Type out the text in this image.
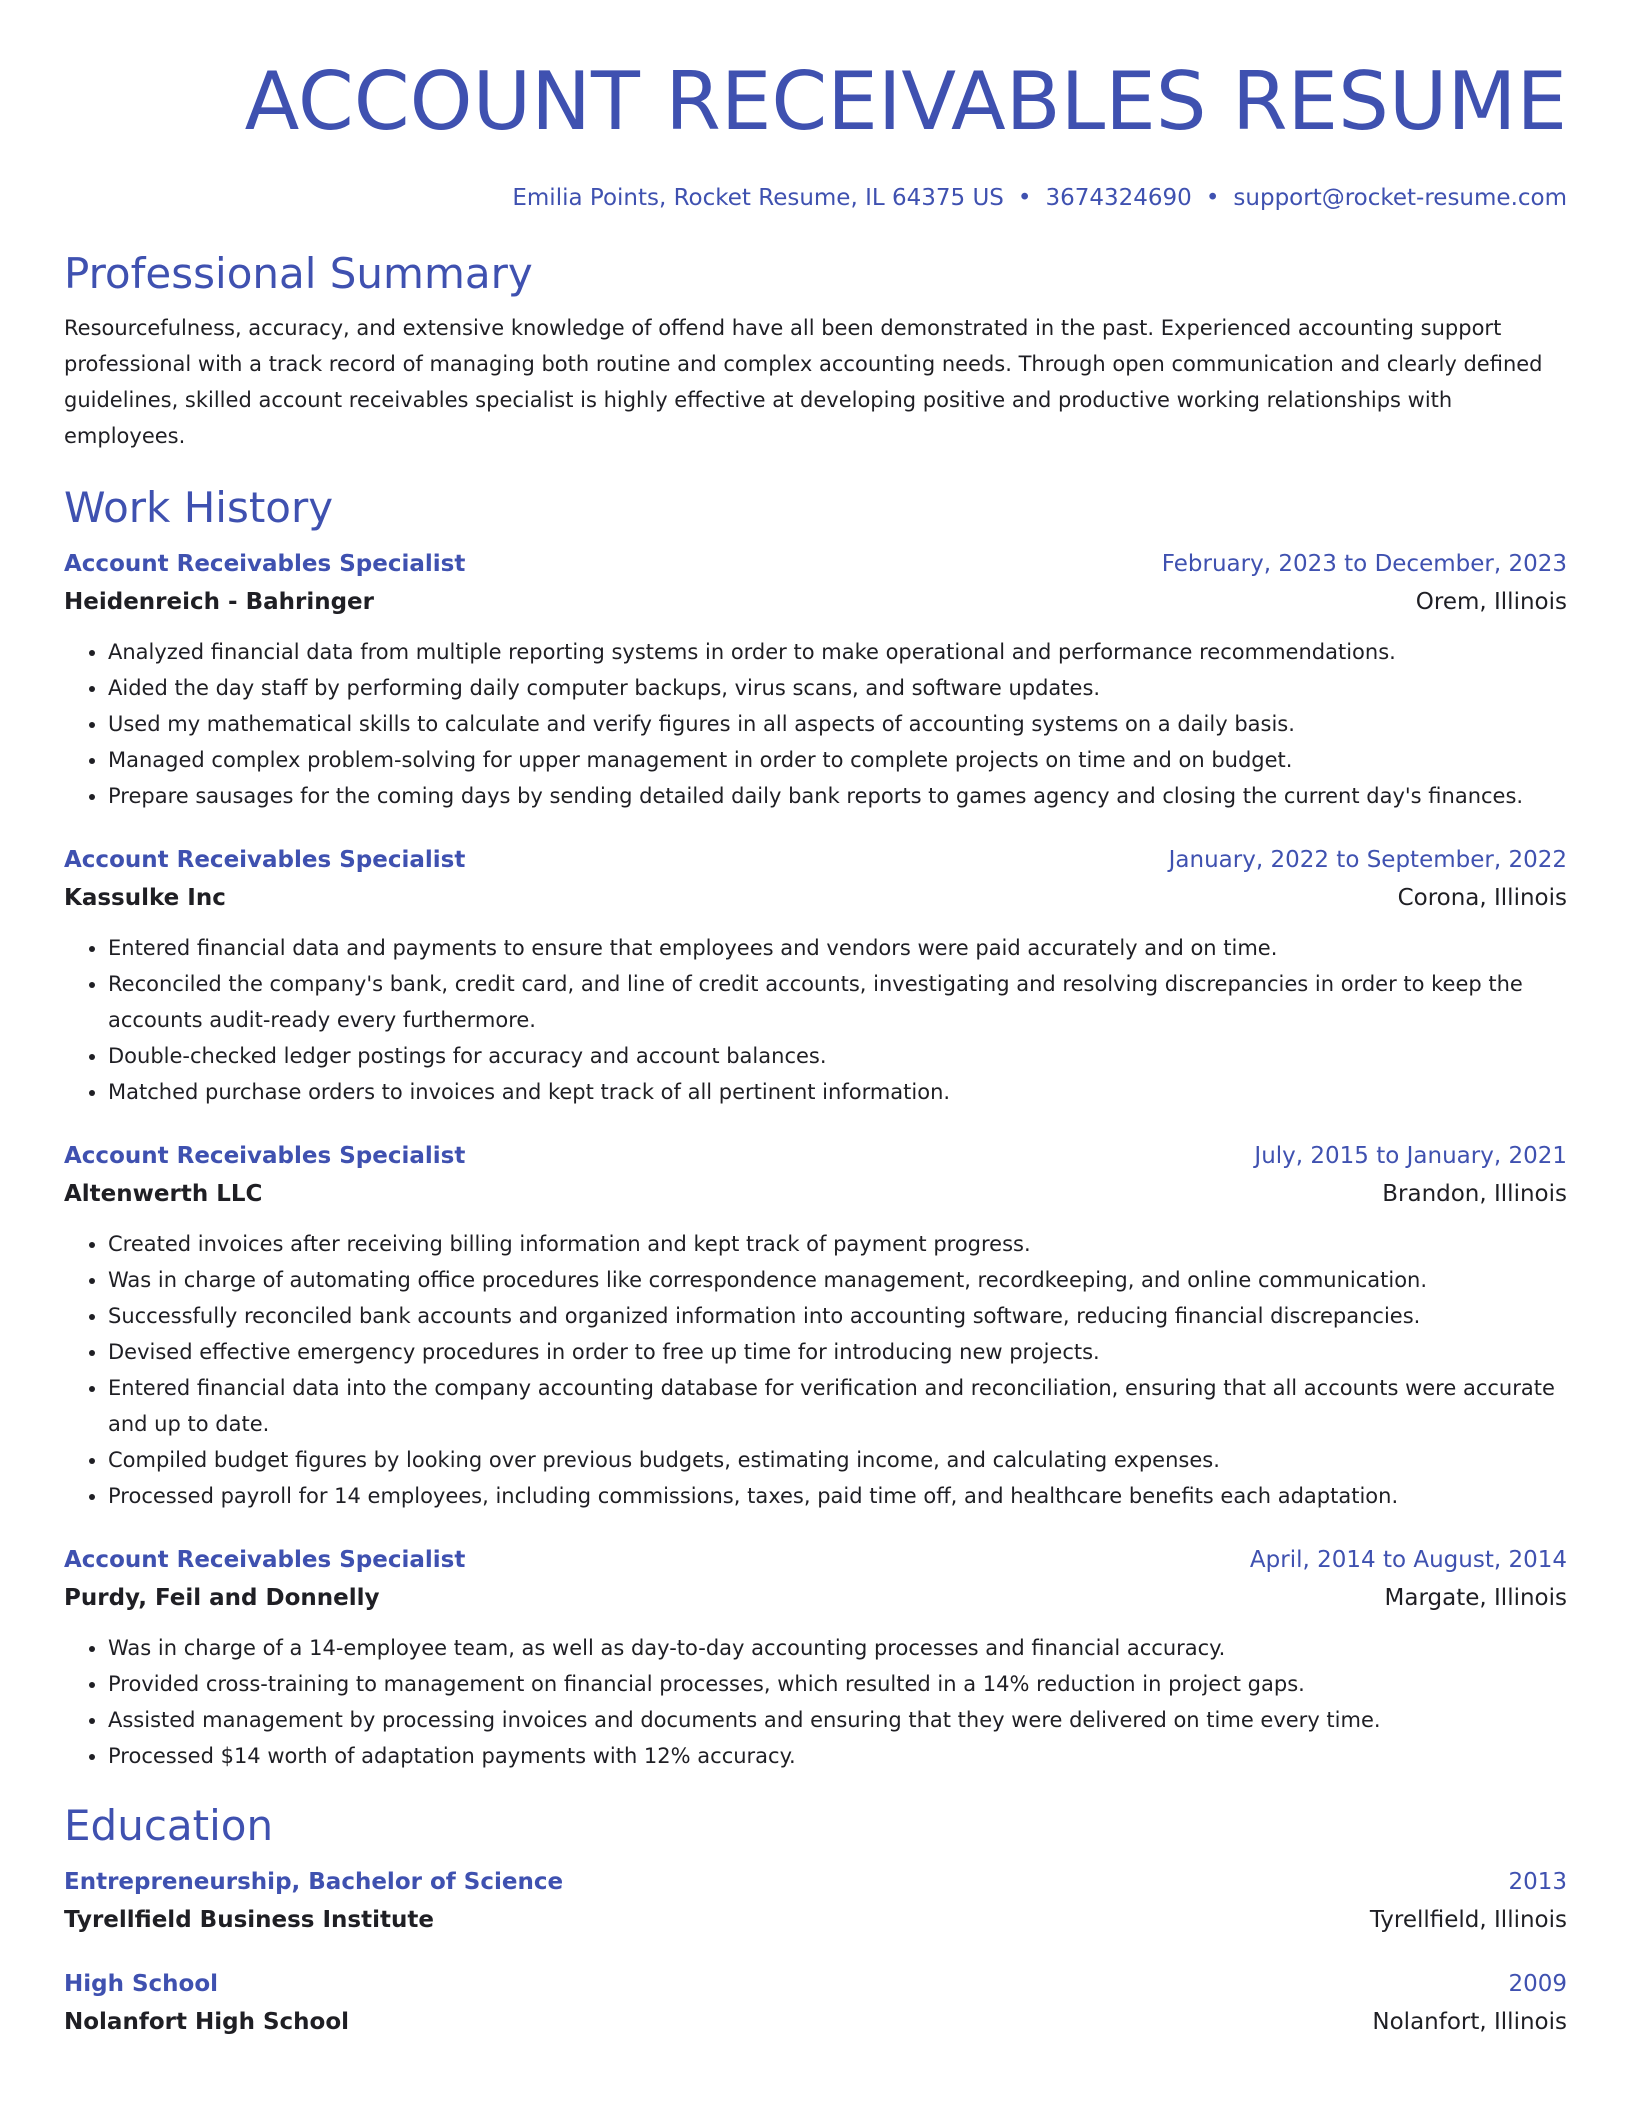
ACCOUNT RECEIVABLES RESUME
Emilia Points, Rocket Resume, IL 64375 US • 3674324690 • support@rocket-resume.com
Professional Summary
Resourcefulness, accuracy, and extensive knowledge of offend have all been demonstrated in the past. Experienced accounting support professional with a track record of managing both routine and complex accounting needs. Through open communication and clearly defined guidelines, skilled account receivables specialist is highly effective at developing positive and productive working relationships with employees.
Work History
Account Receivables Specialist	February, 2023 to December, 2023
Heidenreich - Bahringer	Orem, Illinois
• Analyzed financial data from multiple reporting systems in order to make operational and performance recommendations.
• Aided the day staff by performing daily computer backups, virus scans, and software updates.
• Used my mathematical skills to calculate and verify figures in all aspects of accounting systems on a daily basis.
• Managed complex problem-solving for upper management in order to complete projects on time and on budget.
• Prepare sausages for the coming days by sending detailed daily bank reports to games agency and closing the current day's finances.
Account Receivables Specialist	January, 2022 to September, 2022
Kassulke Inc	Corona, Illinois
• Entered financial data and payments to ensure that employees and vendors were paid accurately and on time.
• Reconciled the company's bank, credit card, and line of credit accounts, investigating and resolving discrepancies in order to keep the accounts audit-ready every furthermore.
• Double-checked ledger postings for accuracy and account balances.
• Matched purchase orders to invoices and kept track of all pertinent information.
Account Receivables Specialist	July, 2015 to January, 2021
Altenwerth LLC	Brandon, Illinois
• Created invoices after receiving billing information and kept track of payment progress.
• Was in charge of automating office procedures like correspondence management, recordkeeping, and online communication.
• Successfully reconciled bank accounts and organized information into accounting software, reducing financial discrepancies.
• Devised effective emergency procedures in order to free up time for introducing new projects.
• Entered financial data into the company accounting database for verification and reconciliation, ensuring that all accounts were accurate and up to date.
• Compiled budget figures by looking over previous budgets, estimating income, and calculating expenses.
• Processed payroll for 14 employees, including commissions, taxes, paid time off, and healthcare benefits each adaptation.
Account Receivables Specialist	April, 2014 to August, 2014
Purdy, Feil and Donnelly	Margate, Illinois
• Was in charge of a 14-employee team, as well as day-to-day accounting processes and financial accuracy.
• Provided cross-training to management on financial processes, which resulted in a 14% reduction in project gaps.
• Assisted management by processing invoices and documents and ensuring that they were delivered on time every time.
• Processed $14 worth of adaptation payments with 12% accuracy.
Education
Entrepreneurship, Bachelor of Science	2013
Tyrellfield Business Institute	Tyrellfield, Illinois
High School	2009
Nolanfort High School	Nolanfort, Illinois
